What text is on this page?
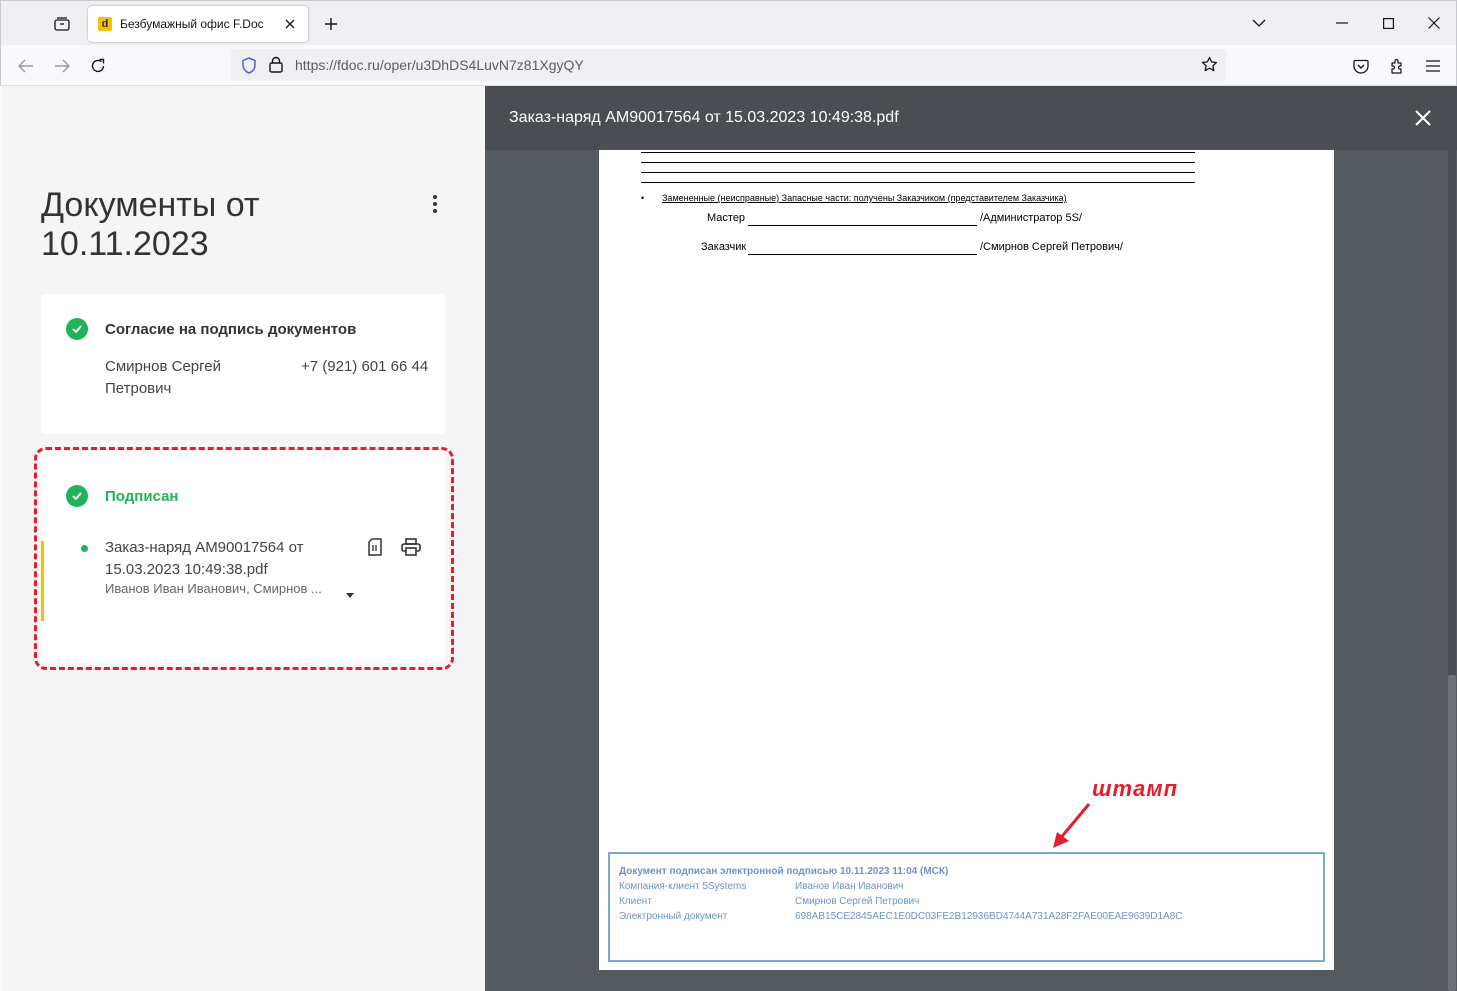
d Безбумажный офис F.Doc
https://fdoc.ru/oper/u3DhDS4LuvN7z81XgyQY
Документы от 10.11.2023
Согласие на подпись документов
Смирнов Сергей Петрович
+7 (921) 601 66 44
Подписан
Заказ-наряд АМ90017564 от 15.03.2023 10:49:38.pdf
Иванов Иван Иванович, Смирнов ...
Заказ-наряд АМ90017564 от 15.03.2023 10:49:38.pdf
• Замененные (неисправные) Запасные части: получены Заказчиком (представителем Заказчика)
Мастер	/Администратор 5S/
Заказчик	/Смирнов Сергей Петрович/
Документ подписан электронной подписью 10.11.2023 11:04 (МСК)
Компания-клиент 5Systems	Иванов Иван Иванович
Клиент	Смирнов Сергей Петрович
Электронный документ	698AB15CE2845AEC1E0DC03FE2B12936BD4744A731A28F2FAE00EAE9639D1A8C
штамп
